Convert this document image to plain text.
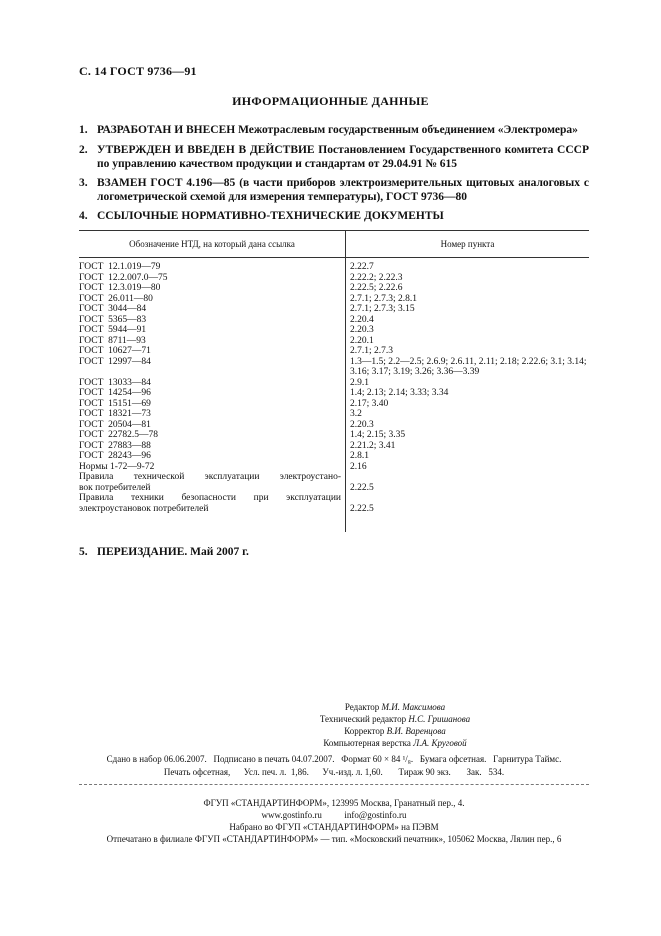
С. 14 ГОСТ 9736—91
ИНФОРМАЦИОННЫЕ ДАННЫЕ
1. РАЗРАБОТАН И ВНЕСЕН Межотраслевым государственным объединением «Электромера»
2. УТВЕРЖДЕН И ВВЕДЕН В ДЕЙСТВИЕ Постановлением Государственного комитета СССР по управлению качеством продукции и стандартам от 29.04.91 № 615
3. ВЗАМЕН ГОСТ 4.196—85 (в части приборов электроизмерительных щитовых аналоговых с логометрической схемой для измерения температуры), ГОСТ 9736—80
4. ССЫЛОЧНЫЕ НОРМАТИВНО-ТЕХНИЧЕСКИЕ ДОКУМЕНТЫ
Обозначение НТД, на который дана ссылка	Номер пункта
ГОСТ  12.1.019—79	2.22.7
ГОСТ  12.2.007.0—75	2.22.2; 2.22.3
ГОСТ  12.3.019—80	2.22.5; 2.22.6
ГОСТ  26.011—80	2.7.1; 2.7.3; 2.8.1
ГОСТ  3044—84	2.7.1; 2.7.3; 3.15
ГОСТ  5365—83	2.20.4
ГОСТ  5944—91	2.20.3
ГОСТ  8711—93	2.20.1
ГОСТ  10627—71	2.7.1; 2.7.3
ГОСТ  12997—84	1.3—1.5; 2.2—2.5; 2.6.9; 2.6.11, 2.11; 2.18; 2.22.6; 3.1; 3.14; 3.16; 3.17; 3.19; 3.26; 3.36—3.39
ГОСТ  13033—84	2.9.1
ГОСТ  14254—96	1.4; 2.13; 2.14; 3.33; 3.34
ГОСТ  15151—69	2.17; 3.40
ГОСТ  18321—73	3.2
ГОСТ  20504—81	2.20.3
ГОСТ  22782.5—78	1.4; 2.15; 3.35
ГОСТ  27883—88	2.21.2; 3.41
ГОСТ  28243—96	2.8.1
Нормы 1-72—9-72	2.16
Правила технической эксплуатации электроустано-
вок потребителей	2.22.5
Правила техники безопасности при эксплуатации
электроустановок потребителей	2.22.5
5. ПЕРЕИЗДАНИЕ. Май 2007 г.
Редактор М.И. Максимова
Технический редактор Н.С. Гришанова
Корректор В.И. Варенцова
Компьютерная верстка Л.А. Круговой
Сдано в набор 06.06.2007.   Подписано в печать 04.07.2007.   Формат 60 × 84 ¹/₈.   Бумага офсетная.   Гарнитура Таймс.
Печать офсетная,      Усл. печ. л.  1,86.      Уч.-изд. л. 1,60.       Тираж 90 экз.       Зак.   534.
ФГУП «СТАНДАРТИНФОРМ», 123995 Москва, Гранатный пер., 4.
www.gostinfo.ru          info@gostinfo.ru
Набрано во ФГУП «СТАНДАРТИНФОРМ» на ПЭВМ
Отпечатано в филиале ФГУП «СТАНДАРТИНФОРМ» — тип. «Московский печатник», 105062 Москва, Лялин пер., 6
